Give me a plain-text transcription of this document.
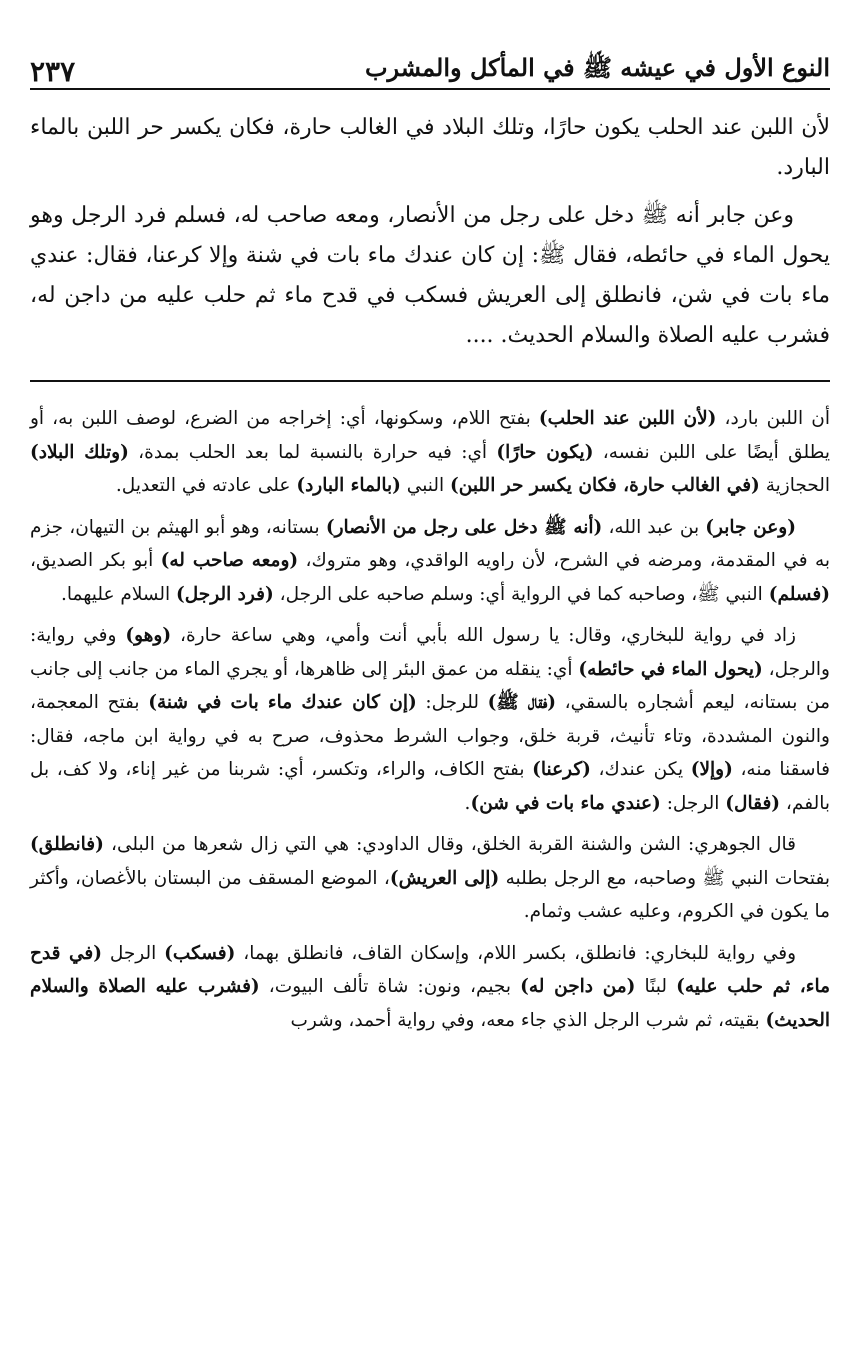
النوع الأول في عيشه ﷺ في المأكل والمشرب
٢٣٧

لأن اللبن عند الحلب يكون حارًا، وتلك البلاد في الغالب حارة، فكان يكسر حر اللبن بالماء البارد.

وعن جابر أنه ﷺ دخل على رجل من الأنصار، ومعه صاحب له، فسلم فرد الرجل وهو يحول الماء في حائطه، فقال ﷺ: إن كان عندك ماء بات في شنة وإلا كرعنا، فقال: عندي ماء بات في شن، فانطلق إلى العريش فسكب في قدح ماء ثم حلب عليه من داجن له، فشرب عليه الصلاة والسلام الحديث. ....

أن اللبن بارد، (لأن اللبن عند الحلب) بفتح اللام، وسكونها، أي: إخراجه من الضرع، لوصف اللبن به، أو يطلق أيضًا على اللبن نفسه، (يكون حارًا) أي: فيه حرارة بالنسبة لما بعد الحلب بمدة، (وتلك البلاد) الحجازية (في الغالب حارة، فكان يكسر حر اللبن) النبي (بالماء البارد) على عادته في التعديل.

(وعن جابر) بن عبد الله، (أنه ﷺ دخل على رجل من الأنصار) بستانه، وهو أبو الهيثم بن التيهان، جزم به في المقدمة، ومرضه في الشرح، لأن راويه الواقدي، وهو متروك، (ومعه صاحب له) أبو بكر الصديق، (فسلم) النبي ﷺ، وصاحبه كما في الرواية أي: وسلم صاحبه على الرجل، (فرد الرجل) السلام عليهما.

زاد في رواية للبخاري، وقال: يا رسول الله بأبي أنت وأمي، وهي ساعة حارة، (وهو) وفي رواية: والرجل، (يحول الماء في حائطه) أي: ينقله من عمق البئر إلى ظاهرها، أو يجري الماء من جانب إلى جانب من بستانه، ليعم أشجاره بالسقي، (فقال ﷺ) للرجل: (إن كان عندك ماء بات في شنة) بفتح المعجمة، والنون المشددة، وتاء تأنيث، قربة خلق، وجواب الشرط محذوف، صرح به في رواية ابن ماجه، فقال: فاسقنا منه، (وإلا) يكن عندك، (كرعنا) بفتح الكاف، والراء، وتكسر، أي: شربنا من غير إناء، ولا كف، بل بالفم، (فقال) الرجل: (عندي ماء بات في شن).

قال الجوهري: الشن والشنة القربة الخلق، وقال الداودي: هي التي زال شعرها من البلى، (فانطلق) بفتحات النبي ﷺ وصاحبه، مع الرجل بطلبه (إلى العريش)، الموضع المسقف من البستان بالأغصان، وأكثر ما يكون في الكروم، وعليه عشب وثمام.

وفي رواية للبخاري: فانطلق، بكسر اللام، وإسكان القاف، فانطلق بهما، (فسكب) الرجل (في قدح ماء، ثم حلب عليه) لبنًا (من داجن له) بجيم، ونون: شاة تألف البيوت، (فشرب عليه الصلاة والسلام الحديث) بقيته، ثم شرب الرجل الذي جاء معه، وفي رواية أحمد، وشرب
